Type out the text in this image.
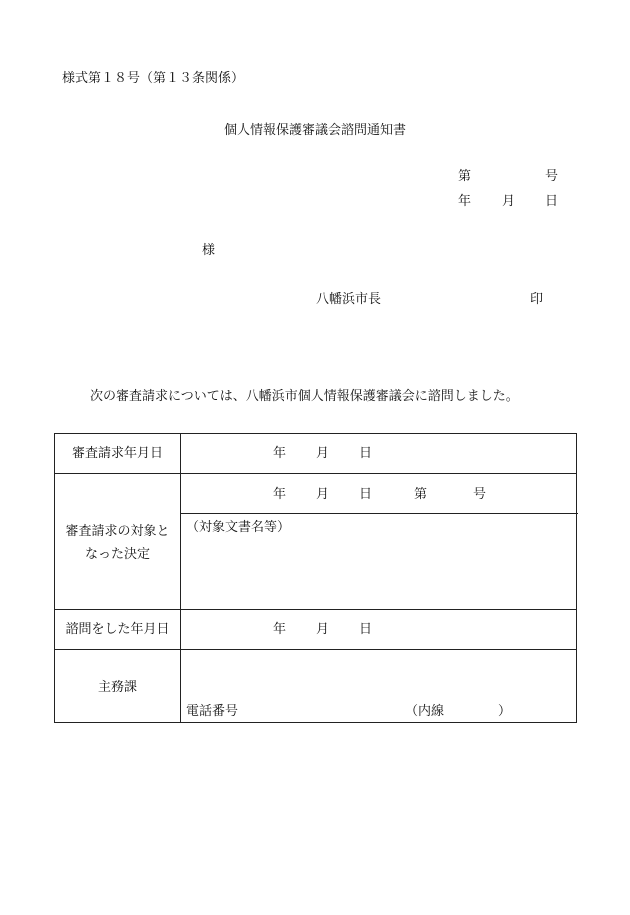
様式第１８号（第１３条関係）
個人情報保護審議会諮問通知書
第	号
年 月 日
様
八幡浜市長	印
次の審査請求については、八幡浜市個人情報保護審議会に諮問しました。
審査請求年月日	年 月 日
審査請求の対象と
なった決定
年 月 日	第	号
（対象文書名等）
諮問をした年月日	年 月 日
主務課
電話番号	（内線	）
